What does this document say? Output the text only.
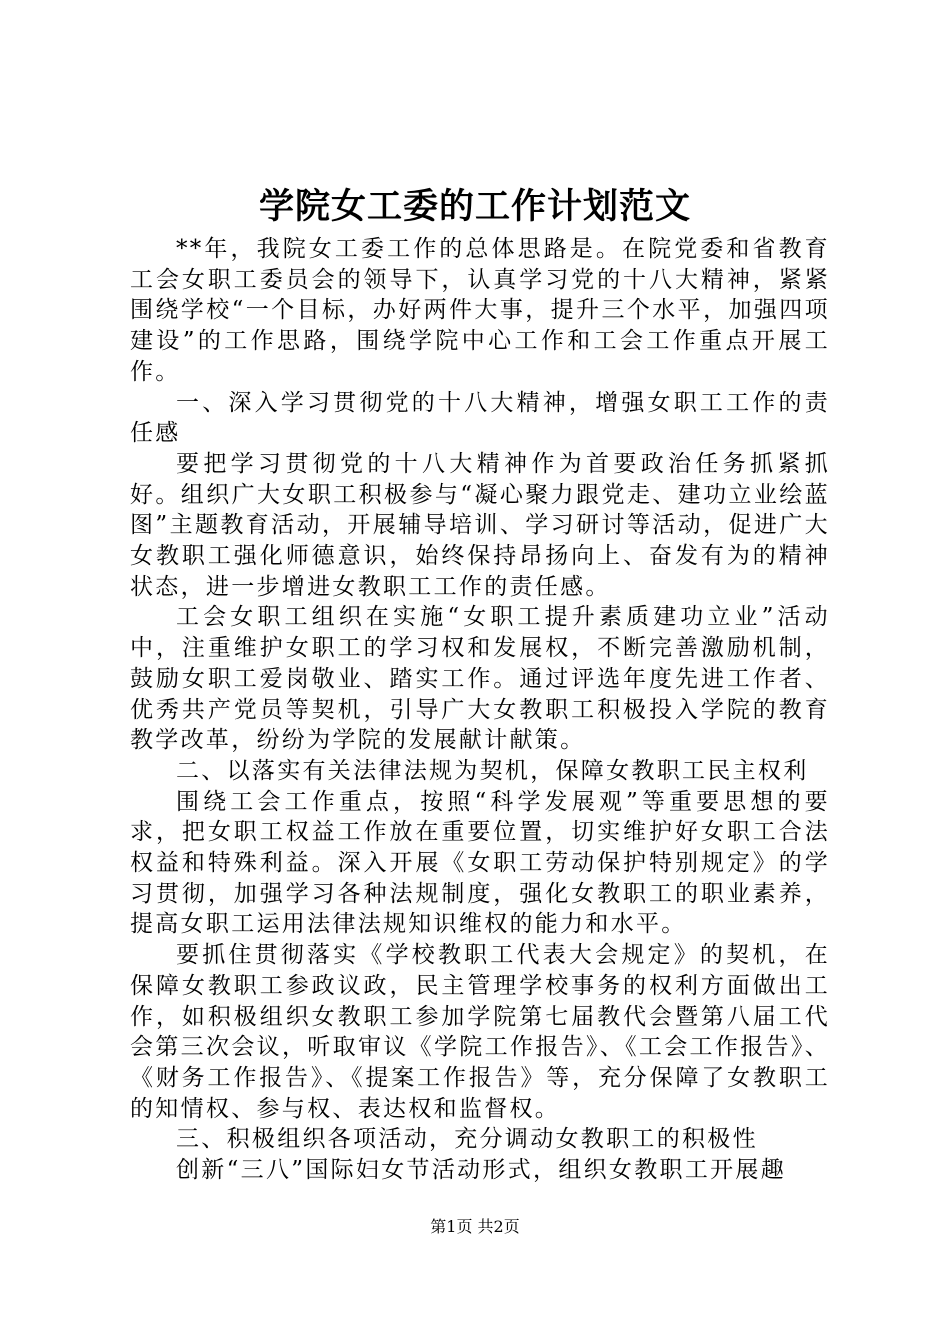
学院女工委的工作计划范文

**年，我院女工委工作的总体思路是。在院党委和省教育工会女职工委员会的领导下，认真学习党的十八大精神，紧紧围绕学校“一个目标，办好两件大事，提升三个水平，加强四项建设”的工作思路，围绕学院中心工作和工会工作重点开展工作。

一、深入学习贯彻党的十八大精神，增强女职工工作的责任感

要把学习贯彻党的十八大精神作为首要政治任务抓紧抓好。组织广大女职工积极参与“凝心聚力跟党走、建功立业绘蓝图”主题教育活动，开展辅导培训、学习研讨等活动，促进广大女教职工强化师德意识，始终保持昂扬向上、奋发有为的精神状态，进一步增进女教职工工作的责任感。

工会女职工组织在实施“女职工提升素质建功立业”活动中，注重维护女职工的学习权和发展权，不断完善激励机制，鼓励女职工爱岗敬业、踏实工作。通过评选年度先进工作者、优秀共产党员等契机，引导广大女教职工积极投入学院的教育教学改革，纷纷为学院的发展献计献策。

二、以落实有关法律法规为契机，保障女教职工民主权利

围绕工会工作重点，按照“科学发展观”等重要思想的要求，把女职工权益工作放在重要位置，切实维护好女职工合法权益和特殊利益。深入开展《女职工劳动保护特别规定》的学习贯彻，加强学习各种法规制度，强化女教职工的职业素养，提高女职工运用法律法规知识维权的能力和水平。

要抓住贯彻落实《学校教职工代表大会规定》的契机，在保障女教职工参政议政，民主管理学校事务的权利方面做出工作，如积极组织女教职工参加学院第七届教代会暨第八届工代会第三次会议，听取审议《学院工作报告》、《工会工作报告》、《财务工作报告》、《提案工作报告》等，充分保障了女教职工的知情权、参与权、表达权和监督权。

三、积极组织各项活动，充分调动女教职工的积极性

创新“三八”国际妇女节活动形式，组织女教职工开展趣

第1页 共2页
